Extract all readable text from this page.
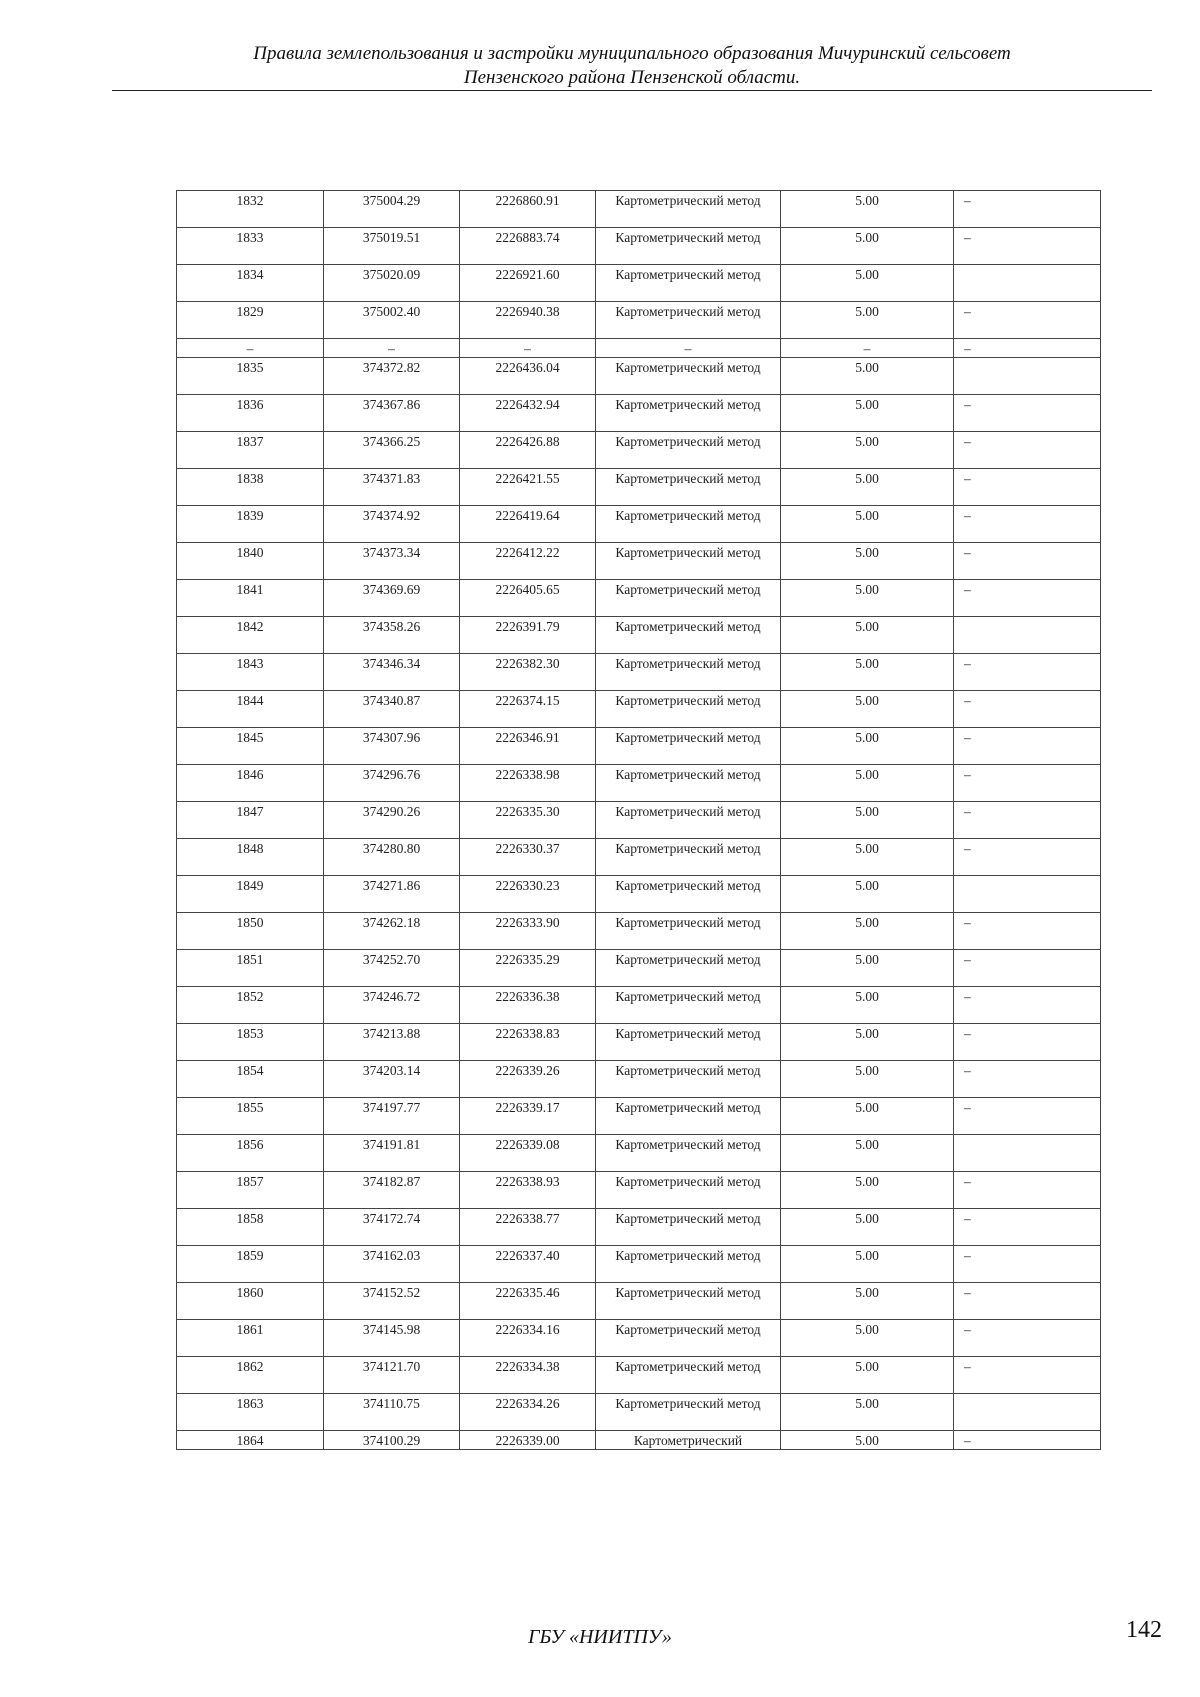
Правила землепользования и застройки муниципального образования Мичуринский сельсовет
Пензенского района Пензенской области.
1832	375004.29	2226860.91	Картометрический метод	5.00	–
1833	375019.51	2226883.74	Картометрический метод	5.00	–
1834	375020.09	2226921.60	Картометрический метод	5.00	
1829	375002.40	2226940.38	Картометрический метод	5.00	–
–	–	–	–	–	–
1835	374372.82	2226436.04	Картометрический метод	5.00	
1836	374367.86	2226432.94	Картометрический метод	5.00	–
1837	374366.25	2226426.88	Картометрический метод	5.00	–
1838	374371.83	2226421.55	Картометрический метод	5.00	–
1839	374374.92	2226419.64	Картометрический метод	5.00	–
1840	374373.34	2226412.22	Картометрический метод	5.00	–
1841	374369.69	2226405.65	Картометрический метод	5.00	–
1842	374358.26	2226391.79	Картометрический метод	5.00	
1843	374346.34	2226382.30	Картометрический метод	5.00	–
1844	374340.87	2226374.15	Картометрический метод	5.00	–
1845	374307.96	2226346.91	Картометрический метод	5.00	–
1846	374296.76	2226338.98	Картометрический метод	5.00	–
1847	374290.26	2226335.30	Картометрический метод	5.00	–
1848	374280.80	2226330.37	Картометрический метод	5.00	–
1849	374271.86	2226330.23	Картометрический метод	5.00	
1850	374262.18	2226333.90	Картометрический метод	5.00	–
1851	374252.70	2226335.29	Картометрический метод	5.00	–
1852	374246.72	2226336.38	Картометрический метод	5.00	–
1853	374213.88	2226338.83	Картометрический метод	5.00	–
1854	374203.14	2226339.26	Картометрический метод	5.00	–
1855	374197.77	2226339.17	Картометрический метод	5.00	–
1856	374191.81	2226339.08	Картометрический метод	5.00	
1857	374182.87	2226338.93	Картометрический метод	5.00	–
1858	374172.74	2226338.77	Картометрический метод	5.00	–
1859	374162.03	2226337.40	Картометрический метод	5.00	–
1860	374152.52	2226335.46	Картометрический метод	5.00	–
1861	374145.98	2226334.16	Картометрический метод	5.00	–
1862	374121.70	2226334.38	Картометрический метод	5.00	–
1863	374110.75	2226334.26	Картометрический метод	5.00	
1864	374100.29	2226339.00	Картометрический	5.00	–
ГБУ «НИИТПУ»	142
